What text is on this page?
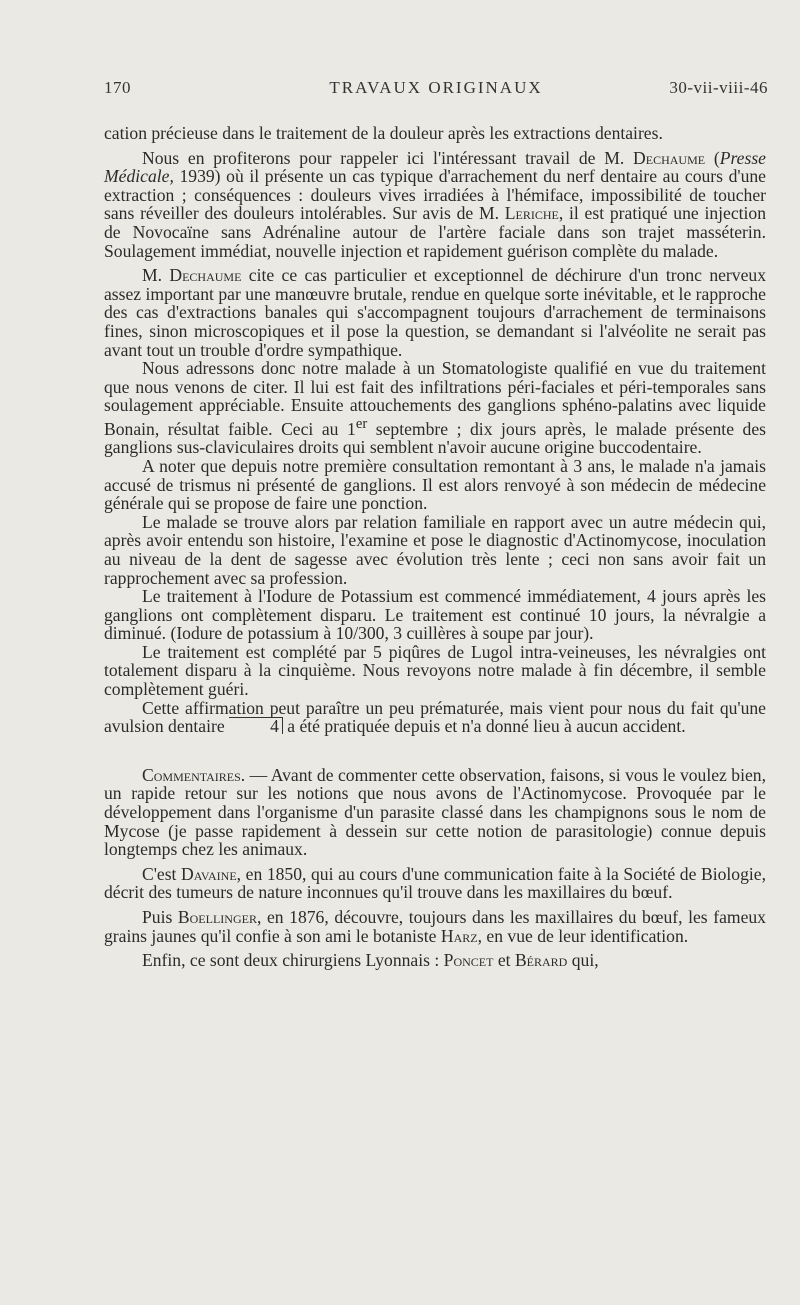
170	TRAVAUX ORIGINAUX	30-vii-viii-46

cation précieuse dans le traitement de la douleur après les extractions dentaires.

Nous en profiterons pour rappeler ici l'intéressant travail de M. Dechaume (Presse Médicale, 1939) où il présente un cas typique d'arrachement du nerf dentaire au cours d'une extraction ; conséquences : douleurs vives irradiées à l'hémiface, impossibilité de toucher sans réveiller des douleurs intolérables. Sur avis de M. Leriche, il est pratiqué une injection de Novocaïne sans Adrénaline autour de l'artère faciale dans son trajet masséterin. Soulagement immédiat, nouvelle injection et rapidement guérison complète du malade.

M. Dechaume cite ce cas particulier et exceptionnel de déchirure d'un tronc nerveux assez important par une manœuvre brutale, rendue en quelque sorte inévitable, et le rapproche des cas d'extractions banales qui s'accompagnent toujours d'arrachement de terminaisons fines, sinon microscopiques et il pose la question, se demandant si l'alvéolite ne serait pas avant tout un trouble d'ordre sympathique.

Nous adressons donc notre malade à un Stomatologiste qualifié en vue du traitement que nous venons de citer. Il lui est fait des infiltrations péri-faciales et péri-temporales sans soulagement appréciable. Ensuite attouchements des ganglions sphéno-palatins avec liquide Bonain, résultat faible. Ceci au 1er septembre ; dix jours après, le malade présente des ganglions sus-claviculaires droits qui semblent n'avoir aucune origine buccodentaire.

A noter que depuis notre première consultation remontant à 3 ans, le malade n'a jamais accusé de trismus ni présenté de ganglions. Il est alors renvoyé à son médecin de médecine générale qui se propose de faire une ponction.

Le malade se trouve alors par relation familiale en rapport avec un autre médecin qui, après avoir entendu son histoire, l'examine et pose le diagnostic d'Actinomycose, inoculation au niveau de la dent de sagesse avec évolution très lente ; ceci non sans avoir fait un rapprochement avec sa profession.

Le traitement à l'Iodure de Potassium est commencé immédiatement, 4 jours après les ganglions ont complètement disparu. Le traitement est continué 10 jours, la névralgie a diminué. (Iodure de potassium à 10/300, 3 cuillères à soupe par jour).

Le traitement est complété par 5 piqûres de Lugol intra-veineuses, les névralgies ont totalement disparu à la cinquième. Nous revoyons notre malade à fin décembre, il semble complètement guéri.

Cette affirmation peut paraître un peu prématurée, mais vient pour nous du fait qu'une avulsion dentaire 4 a été pratiquée depuis et n'a donné lieu à aucun accident.

Commentaires. — Avant de commenter cette observation, faisons, si vous le voulez bien, un rapide retour sur les notions que nous avons de l'Actinomycose. Provoquée par le développement dans l'organisme d'un parasite classé dans les champignons sous le nom de Mycose (je passe rapidement à dessein sur cette notion de parasitologie) connue depuis longtemps chez les animaux.

C'est Davaine, en 1850, qui au cours d'une communication faite à la Société de Biologie, décrit des tumeurs de nature inconnues qu'il trouve dans les maxillaires du bœuf.

Puis Boellinger, en 1876, découvre, toujours dans les maxillaires du bœuf, les fameux grains jaunes qu'il confie à son ami le botaniste Harz, en vue de leur identification.

Enfin, ce sont deux chirurgiens Lyonnais : Poncet et Bérard qui,
